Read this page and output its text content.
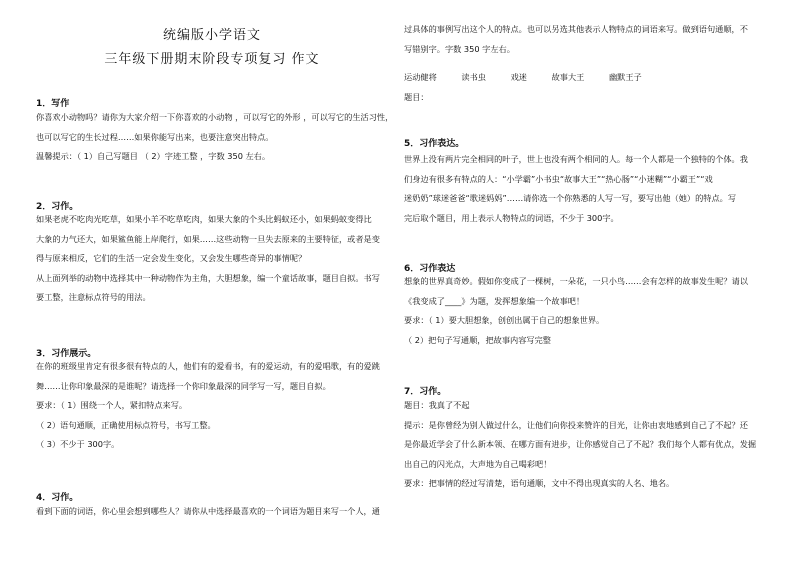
统编版小学语文
三年级下册期末阶段专项复习 作文
1．写作
你喜欢小动物吗？请你为大家介绍一下你喜欢的小动物 ，可以写它的外形 ，可以写它的生活习性，
也可以写它的生长过程……如果你能写出来，也要注意突出特点。
温馨提示：（ 1）自己写题目 （ 2）字迹工整 ，字数 350 左右。
2．习作。
如果老虎不吃肉光吃草，如果小羊不吃草吃肉，如果大象的个头比蚂蚁还小，如果蚂蚁变得比
大象的力气还大，如果鲨鱼能上岸爬行，如果……这些动物一旦失去原来的主要特征，或者是变
得与原来相反，它们的生活一定会发生变化，又会发生哪些奇异的事情呢？
从上面列举的动物中选择其中一种动物作为主角，大胆想象，编一个童话故事，题目自拟。书写
要工整，注意标点符号的用法。
3．习作展示。
在你的班级里肯定有很多很有特点的人，他们有的爱看书，有的爱运动，有的爱唱歌，有的爱跳
舞……让你印象最深的是谁呢？请选择一个你印象最深的同学写一写，题目自拟。
要求：（ 1）围绕一个人，紧扣特点来写。
（ 2）语句通顺，正确使用标点符号，书写工整。
（ 3）不少于 300字。
4．习作。
看到下面的词语，你心里会想到哪些人？请你从中选择最喜欢的一个词语为题目来写一个人，通
过具体的事例写出这个人的特点。也可以另选其他表示人物特点的词语来写。做到语句通顺，不
写错别字。字数 350 字左右。
运动健将	读书虫	戏迷	故事大王	幽默王子
题目：
5．习作表达。
世界上没有两片完全相同的叶子，世上也没有两个相同的人。每一个人都是一个独特的个体。我
们身边有很多有特点的人：“小学霸”小书虫“故事大王”“热心肠”“小迷糊”“小霸王”“戏
迷奶奶”球迷爸爸“歌迷妈妈”……请你选一个你熟悉的人写一写，要写出他（她）的特点。写
完后取个题目，用上表示人物特点的词语，不少于 300字。
6．习作表达
想象的世界真奇妙。假如你变成了一棵树，一朵花，一只小鸟……会有怎样的故事发生呢？请以
《我变成了____》为题，发挥想象编一个故事吧！
要求：（ 1）要大胆想象，创创出属于自己的想象世界。
（ 2）把句子写通顺，把故事内容写完整
7．习作。
题目：我真了不起
提示：是你曾经为别人做过什么，让他们向你投来赞许的目光，让你由衷地感到自己了不起？还
是你最近学会了什么新本领、在哪方面有进步，让你感觉自己了不起？我们每个人都有优点，发掘
出自己的闪光点，大声地为自己喝彩吧！
要求：把事情的经过写清楚，语句通顺，文中不得出现真实的人名、地名。
